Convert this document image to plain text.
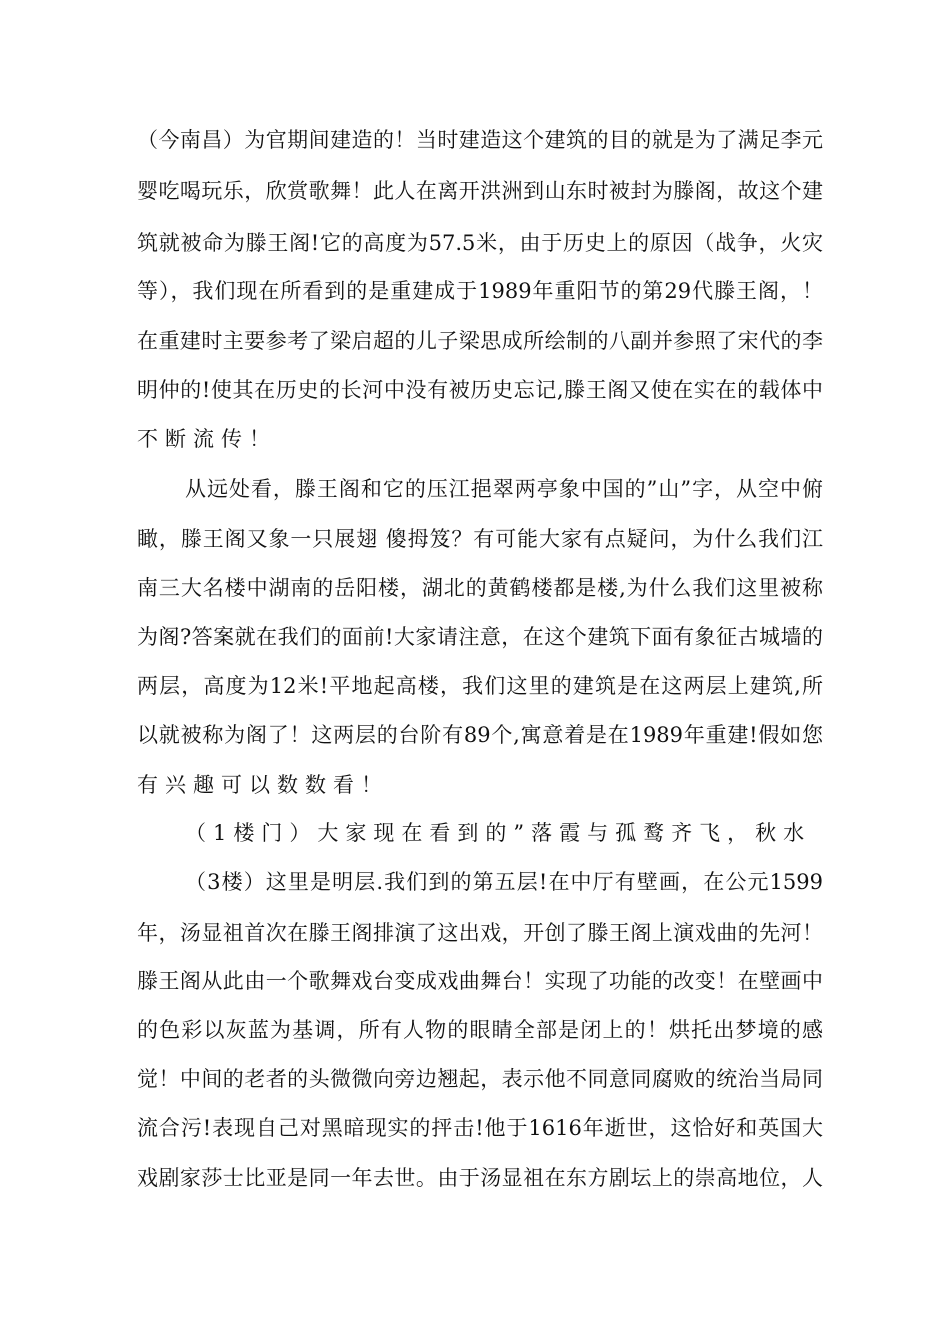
（今南昌）为官期间建造的！当时建造这个建筑的目的就是为了满足李元
婴吃喝玩乐，欣赏歌舞！此人在离开洪洲到山东时被封为滕阁，故这个建
筑就被命为滕王阁!它的高度为57.5米，由于历史上的原因（战争，火灾
等），我们现在所看到的是重建成于1989年重阳节的第29代滕王阁，！
在重建时主要参考了梁启超的儿子梁思成所绘制的八副并参照了宋代的李
明仲的!使其在历史的长河中没有被历史忘记,滕王阁又使在实在的载体中
不断流传！
从远处看，滕王阁和它的压江挹翠两亭象中国的”山”字，从空中俯
瞰，滕王阁又象一只展翅 傻拇笈？有可能大家有点疑问，为什么我们江
南三大名楼中湖南的岳阳楼，湖北的黄鹤楼都是楼,为什么我们这里被称
为阁?答案就在我们的面前!大家请注意，在这个建筑下面有象征古城墙的
两层，高度为12米!平地起高楼，我们这里的建筑是在这两层上建筑,所
以就被称为阁了！这两层的台阶有89个,寓意着是在1989年重建!假如您
有兴趣可以数数看！
（1楼门）大家现在看到的”落霞与孤鹜齐飞，秋水
（3楼）这里是明层.我们到的第五层!在中厅有壁画，在公元1599
年，汤显祖首次在滕王阁排演了这出戏，开创了滕王阁上演戏曲的先河！
滕王阁从此由一个歌舞戏台变成戏曲舞台！实现了功能的改变！在壁画中
的色彩以灰蓝为基调，所有人物的眼睛全部是闭上的！烘托出梦境的感
觉！中间的老者的头微微向旁边翘起，表示他不同意同腐败的统治当局同
流合污!表现自己对黑暗现实的抨击!他于1616年逝世，这恰好和英国大
戏剧家莎士比亚是同一年去世。由于汤显祖在东方剧坛上的崇高地位，人
